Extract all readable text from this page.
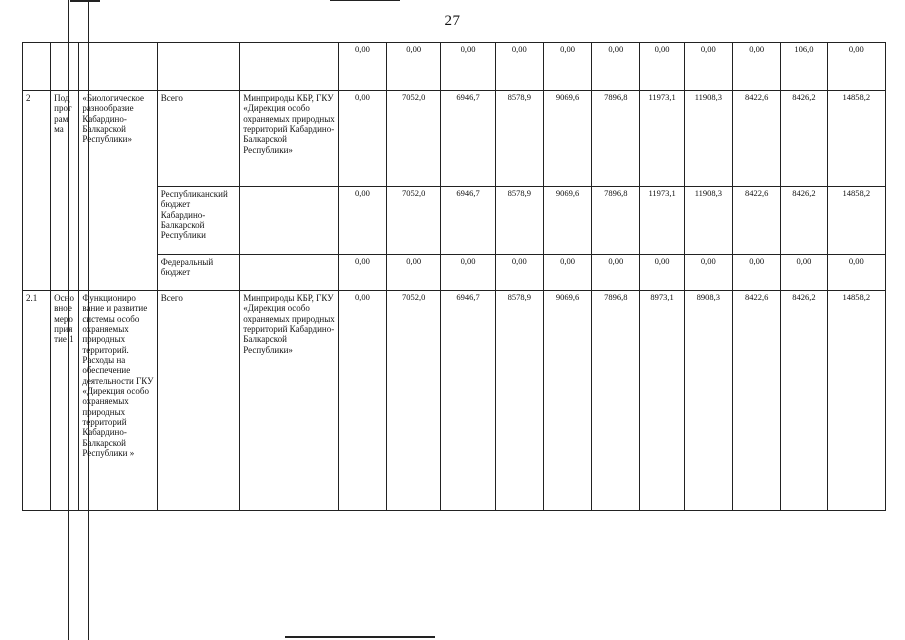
27
					0,00	0,00	0,00	0,00	0,00	0,00	0,00	0,00	0,00	106,0	0,00
2	Под прог рам ма	«Биологическое разнообразие Кабардино-Балкарской Республики»	Всего	Минприроды КБР, ГКУ «Дирекция особо охраняемых природных территорий Кабардино-Балкарской Республики»	0,00	7052,0	6946,7	8578,9	9069,6	7896,8	11973,1	11908,3	8422,6	8426,2	14858,2
			Республиканский бюджет Кабардино-Балкарской Республики		0,00	7052,0	6946,7	8578,9	9069,6	7896,8	11973,1	11908,3	8422,6	8426,2	14858,2
			Федеральный бюджет		0,00	0,00	0,00	0,00	0,00	0,00	0,00	0,00	0,00	0,00	0,00
2.1	Осно вное меро прия тие 1	Функциониро вание и развитие системы особо охраняемых природных территорий. Расходы на обеспечение деятельности ГКУ «Дирекция особо охраняемых природных территорий Кабардино-Балкарской Республики »	Всего	Минприроды КБР, ГКУ «Дирекция особо охраняемых природных территорий Кабардино-Балкарской Республики»	0,00	7052,0	6946,7	8578,9	9069,6	7896,8	8973,1	8908,3	8422,6	8426,2	14858,2
